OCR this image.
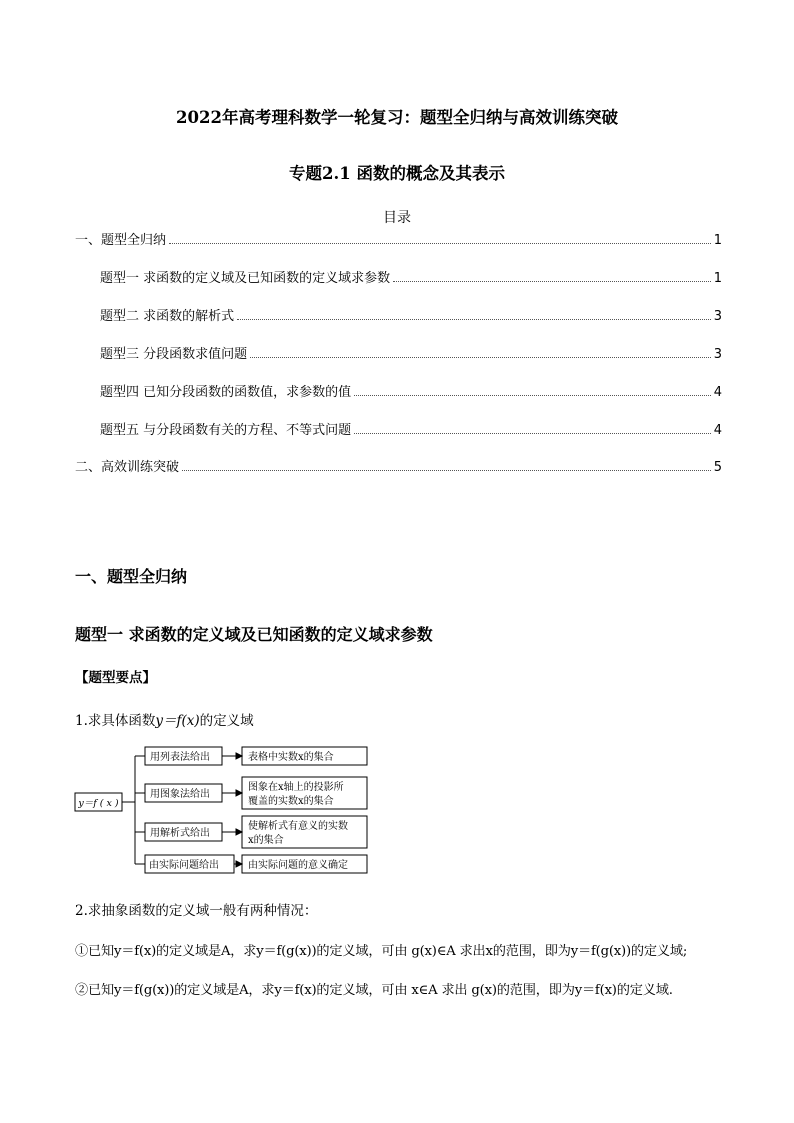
2022年高考理科数学一轮复习：题型全归纳与高效训练突破
专题2.1 函数的概念及其表示
目录
一、题型全归纳	1
题型一 求函数的定义域及已知函数的定义域求参数	1
题型二 求函数的解析式	3
题型三 分段函数求值问题	3
题型四 已知分段函数的函数值，求参数的值	4
题型五 与分段函数有关的方程、不等式问题	4
二、高效训练突破	5
一、题型全归纳
题型一 求函数的定义域及已知函数的定义域求参数
【题型要点】
1.求具体函数y＝f(x)的定义域
y＝f ( x )
用列表法给出
用图象法给出
用解析式给出
由实际问题给出
表格中实数x的集合
图象在x轴上的投影所
覆盖的实数x的集合
使解析式有意义的实数
x的集合
由实际问题的意义确定
2.求抽象函数的定义域一般有两种情况：
①已知y＝f(x)的定义域是A，求y＝f(g(x))的定义域，可由 g(x)∈A 求出x的范围，即为y＝f(g(x))的定义域;
②已知y＝f(g(x))的定义域是A，求y＝f(x)的定义域，可由 x∈A 求出 g(x)的范围，即为y＝f(x)的定义域.
